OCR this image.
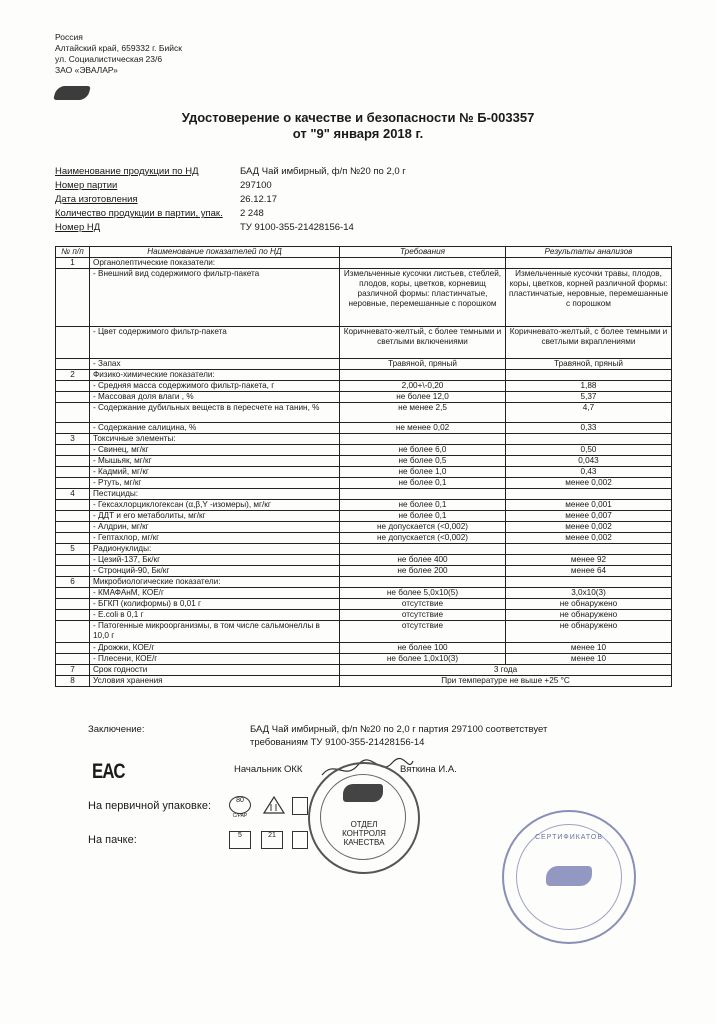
Россия
Алтайский край, 659332 г. Бийск
ул. Социалистическая 23/6
ЗАО «ЭВАЛАР»
Удостоверение о качестве и безопасности № Б-003357
от "9" января 2018 г.
Наименование продукции по НД	БАД Чай имбирный, ф/п №20 по 2,0 г
Номер партии	297100
Дата изготовления	26.12.17
Количество продукции в партии, упак. 2 248
Номер НД	ТУ 9100-355-21428156-14
№ п/п	Наименование показателей по НД	Требования	Результаты анализов
1	Органолептические показатели:		
	- Внешний вид содержимого фильтр-пакета	Измельченные кусочки листьев, стеблей, плодов, коры, цветков, корневищ различной формы: пластинчатые, неровные, перемешанные с порошком	Измельченные кусочки травы, плодов, коры, цветков, корней различной формы: пластинчатые, неровные, перемешанные с порошком
	- Цвет содержимого фильтр-пакета	Коричневато-желтый, с более темными и светлыми включениями	Коричневато-желтый, с более темными и светлыми вкраплениями
	- Запах	Травяной, пряный	Травяной, пряный
2	Физико-химические показатели:		
	- Средняя масса содержимого фильтр-пакета, г	2,00+\-0,20	1,88
	- Массовая доля влаги , %	не более 12,0	5,37
	- Содержание дубильных веществ в пересчете на танин, %	не менее 2,5	4,7
	- Содержание салицина, %	не менее 0,02	0,33
3	Токсичные элементы:		
	- Свинец, мг/кг	не более 6,0	0,50
	- Мышьяк, мг/кг	не более 0,5	0,043
	- Кадмий, мг/кг	не более 1,0	0,43
	- Ртуть, мг/кг	не более 0,1	менее 0,002
4	Пестициды:		
	- Гексахлорциклогексан (α,β,Y -изомеры), мг/кг	не более 0,1	менее 0,001
	- ДДТ и его метаболиты, мг/кг	не более 0,1	менее 0,007
	- Алдрин, мг/кг	не допускается (<0,002)	менее 0,002
	- Гептахлор, мг/кг	не допускается (<0,002)	менее 0,002
5	Радионуклиды:		
	- Цезий-137, Бк/кг	не более 400	менее 92
	- Стронций-90, Бк/кг	не более 200	менее 64
6	Микробиологические показатели:		
	- КМАФАнМ, КОЕ/г	не более 5,0х10(5)	3,0х10(3)
	- БГКП (колиформы) в 0,01 г	отсутствие	не обнаружено
	- E.coli в 0,1 г	отсутствие	не обнаружено
	- Патогенные микроорганизмы, в том числе сальмонеллы в 10,0 г	отсутствие	не обнаружено
	- Дрожжи, КОЕ/г	не более 100	менее 10
	- Плесени, КОЕ/г	не более 1,0х10(3)	менее 10
7	Срок годности	3 года	
8	Условия хранения	При температуре не выше +25 °С	
Заключение:	БАД Чай имбирный, ф/п №20 по 2,0 г партия 297100 соответствует
требованиям ТУ 9100-355-21428156-14
ЕАС	Начальник ОКК	Вяткина И.А.
На первичной упаковке:
На пачке:
80
С/PAP
5	21
ОТДЕЛ КОНТРОЛЯ КАЧЕСТВА
СЕРТИФИКАТОВ
